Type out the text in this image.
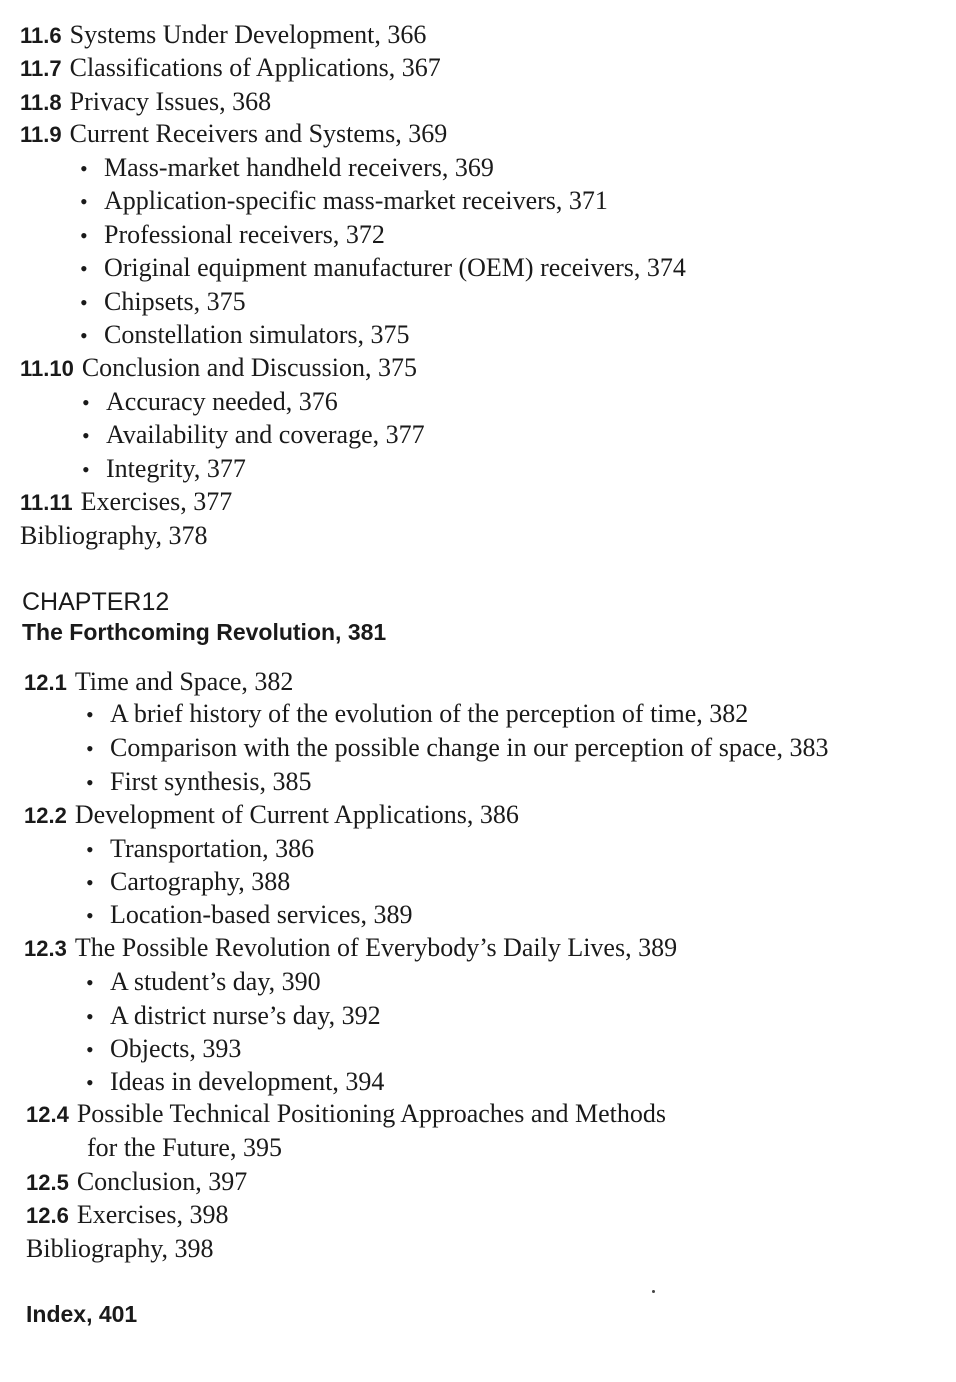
11.6 Systems Under Development, 366
11.7 Classifications of Applications, 367
11.8 Privacy Issues, 368
11.9 Current Receivers and Systems, 369
• Mass-market handheld receivers, 369
• Application-specific mass-market receivers, 371
• Professional receivers, 372
• Original equipment manufacturer (OEM) receivers, 374
• Chipsets, 375
• Constellation simulators, 375
11.10 Conclusion and Discussion, 375
• Accuracy needed, 376
• Availability and coverage, 377
• Integrity, 377
11.11 Exercises, 377
Bibliography, 378
CHAPTER12
The Forthcoming Revolution, 381
12.1 Time and Space, 382
• A brief history of the evolution of the perception of time, 382
• Comparison with the possible change in our perception of space, 383
• First synthesis, 385
12.2 Development of Current Applications, 386
• Transportation, 386
• Cartography, 388
• Location-based services, 389
12.3 The Possible Revolution of Everybody’s Daily Lives, 389
• A student’s day, 390
• A district nurse’s day, 392
• Objects, 393
• Ideas in development, 394
12.4 Possible Technical Positioning Approaches and Methods
for the Future, 395
12.5 Conclusion, 397
12.6 Exercises, 398
Bibliography, 398
Index, 401
